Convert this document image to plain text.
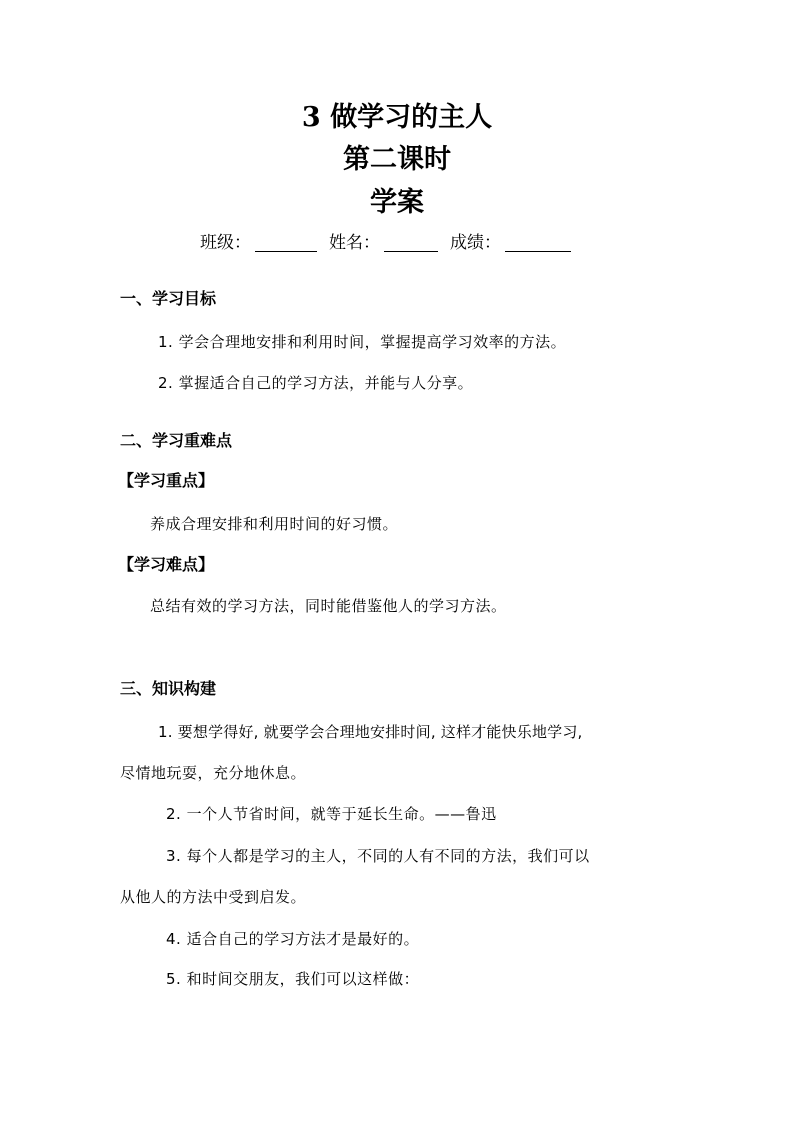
3 做学习的主人
第二课时
学案
班级：	姓名：	成绩：
一、学习目标
1. 学会合理地安排和利用时间，掌握提高学习效率的方法。
2. 掌握适合自己的学习方法，并能与人分享。
二、学习重难点
【学习重点】
养成合理安排和利用时间的好习惯。
【学习难点】
总结有效的学习方法，同时能借鉴他人的学习方法。
三、知识构建
1. 要想学得好, 就要学会合理地安排时间, 这样才能快乐地学习,
尽情地玩耍，充分地休息。
2. 一个人节省时间，就等于延长生命。——鲁迅
3. 每个人都是学习的主人，不同的人有不同的方法，我们可以
从他人的方法中受到启发。
4. 适合自己的学习方法才是最好的。
5. 和时间交朋友，我们可以这样做：
